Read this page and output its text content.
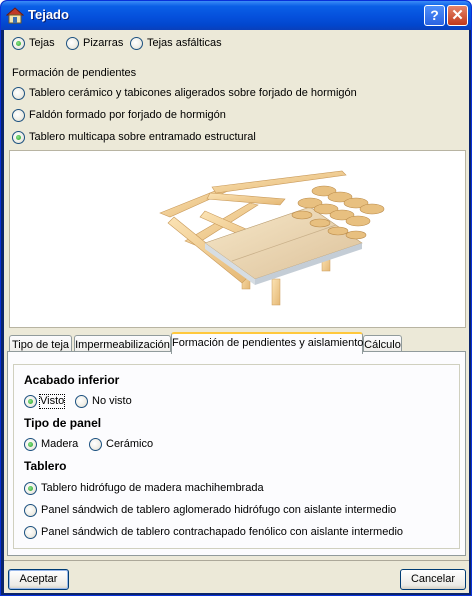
Tejado	? ✕
Tejas	Pizarras Tejas asfálticas
Formación de pendientes
Tablero cerámico y tabicones aligerados sobre forjado de hormigón
Faldón formado por forjado de hormigón
Tablero multicapa sobre entramado estructural
Tipo de teja Impermeabilización Formación de pendientes y aislamiento Cálculo
Acabado inferior
Visto	No visto
Tipo de panel
Madera	Cerámico
Tablero
Tablero hidrófugo de madera machihembrada
Panel sándwich de tablero aglomerado hidrófugo con aislante intermedio
Panel sándwich de tablero contrachapado fenólico con aislante intermedio
Aceptar	Cancelar
